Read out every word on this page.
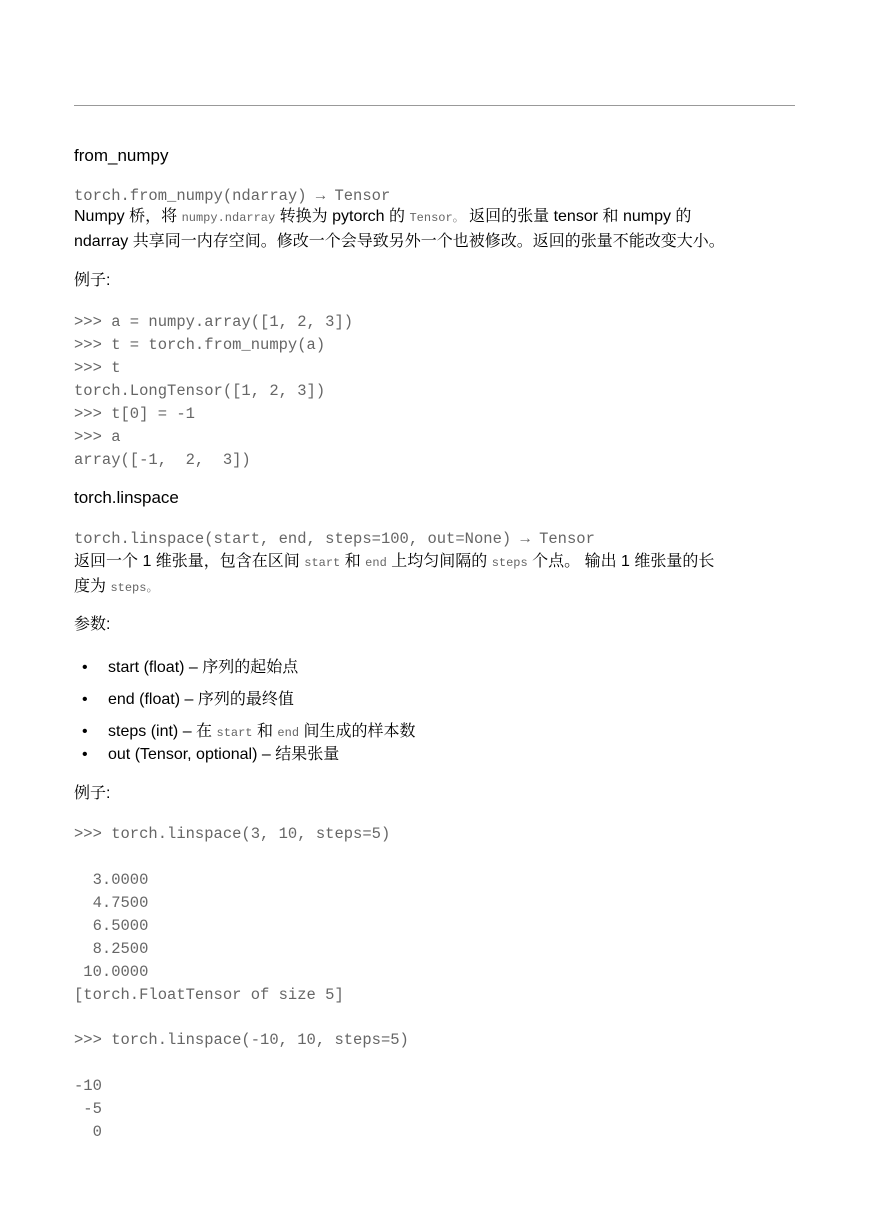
from_numpy
torch.from_numpy(ndarray) → Tensor
Numpy 桥，将 numpy.ndarray 转换为 pytorch 的 Tensor。 返回的张量 tensor 和 numpy 的
ndarray 共享同一内存空间。修改一个会导致另外一个也被修改。返回的张量不能改变大小。
例子:
>>> a = numpy.array([1, 2, 3])
>>> t = torch.from_numpy(a)
>>> t
torch.LongTensor([1, 2, 3])
>>> t[0] = -1
>>> a
array([-1,  2,  3])
torch.linspace
torch.linspace(start, end, steps=100, out=None) → Tensor
返回一个 1 维张量，包含在区间 start 和 end 上均匀间隔的 steps 个点。 输出 1 维张量的长
度为 steps。
参数:
• start (float) – 序列的起始点
• end (float) – 序列的最终值
• steps (int) – 在 start 和 end 间生成的样本数
• out (Tensor, optional) – 结果张量
例子:
>>> torch.linspace(3, 10, steps=5)

3.0000
4.7500
6.5000
8.2500
10.0000
[torch.FloatTensor of size 5]
>>> torch.linspace(-10, 10, steps=5)

-10
-5
0
